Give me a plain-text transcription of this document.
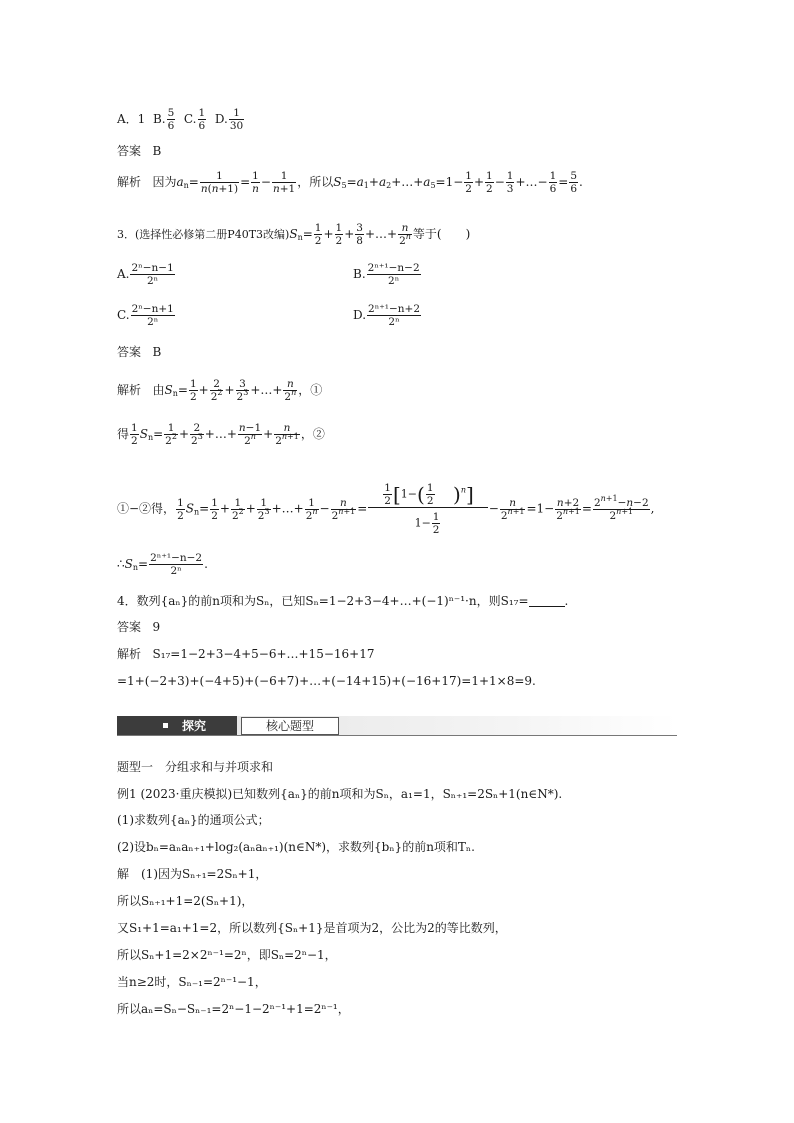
A．1 B. $\frac{5}{6} C$. $\frac{1}{6} D$. $\frac{1}{30}$
答案 B
解析 因为$a_n= \frac{1}{n(n+1)} = \frac{1}{n} - \frac{1}{n+1}$ ，所以$S_5=a_1+a_2+\dots+a_5=1- \frac{1}{2} + \frac{1}{2} - \frac{1}{3}$ +…− $\frac{1}{6} = \frac{5}{6}$ .
3．(选择性必修第二册P40T3改编)$S_n= \frac{1}{2} + \frac{1}{2} + \frac{3}{8}$ +…+ $\frac{n}{2^n}$ 等于(　　)
A. $\frac{\text{2ⁿ−n−1}}{\text{2ⁿ}}$	B. $\frac{\text{2ⁿ⁺¹−n−2}}{\text{2ⁿ}}$
C. $\frac{\text{2ⁿ−n+1}}{\text{2ⁿ}}$	D. $\frac{\text{2ⁿ⁺¹−n+2}}{\text{2ⁿ}}$
答案 B
解析 由$S_n= \frac{1}{2} + \frac{2}{2^2} + \frac{3}{2^3}$ +…+ $\frac{n}{2^n}$ ，①
得 $\frac{1}{2} S_n= \frac{1}{2^2} + \frac{2}{2^3}$ +…+ $\frac{n-1}{2^n} + \frac{n}{2^{n+1}}$ ，②
①−②得， $\frac{1}{2} S_n= \frac{1}{2} + \frac{1}{2^2} + \frac{1}{2^3}$ +…+ $\frac{1}{2^n} - \frac{n}{2^{n+1}} = \frac{\frac{1}{2} [1-( \frac{1}{2} )^n]}{1- \frac{1}{2}} - \frac{n}{2^{n+1}} =1- \frac{n+2}{2^{n+1}} = \frac{2^{n+1}-n-2}{2^{n+1}}$ ,
$\therefore S_n= \frac{\text{2ⁿ⁺¹−n−2}}{\text{2ⁿ}}$ .
4．数列{aₙ}的前n项和为Sₙ，已知Sₙ=1−2+3−4+…+(−1)ⁿ⁻¹·n，则S₁₇=	.
答案 9
解析 S₁₇=1−2+3−4+5−6+…+15−16+17
=1+(−2+3)+(−4+5)+(−6+7)+…+(−14+15)+(−16+17)=1+1×8=9.
探究	核心题型
题型一　分组求和与并项求和
例1 (2023·重庆模拟)已知数列{aₙ}的前n项和为Sₙ，a₁=1，Sₙ₊₁=2Sₙ+1(n∈N*).
(1)求数列{aₙ}的通项公式；
(2)设bₙ=aₙaₙ₊₁+log₂(aₙaₙ₊₁)(n∈N*)，求数列{bₙ}的前n项和Tₙ.
解　(1)因为Sₙ₊₁=2Sₙ+1，
所以Sₙ₊₁+1=2(Sₙ+1)，
又S₁+1=a₁+1=2，所以数列{Sₙ+1}是首项为2，公比为2的等比数列，
所以Sₙ+1=2×2ⁿ⁻¹=2ⁿ，即Sₙ=2ⁿ−1，
当n≥2时，Sₙ₋₁=2ⁿ⁻¹−1，
所以aₙ=Sₙ−Sₙ₋₁=2ⁿ−1−2ⁿ⁻¹+1=2ⁿ⁻¹，
